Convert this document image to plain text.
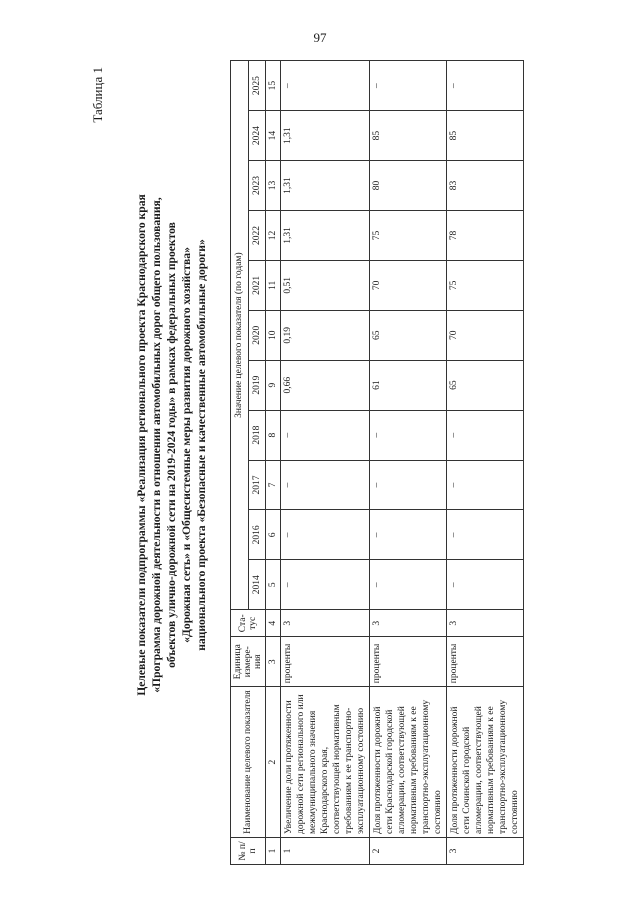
97
Таблица 1
Целевые показатели подпрограммы «Реализация регионального проекта Краснодарского края «Программа дорожной деятельности в отношении автомобильных дорог общего пользования, объектов улично-дорожной сети на 2019-2024 годы» в рамках федеральных проектов «Дорожная сеть» и «Общесистемные меры развития дорожного хозяйства» национального проекта «Безопасные и качественные автомобильные дороги»
№ п/п	Наименование целевого показателя	Единица измере-ния	Ста-тус	Значение целевого показателя (по годам)										
				2014	2016	2017	2018	2019	2020	2021	2022	2023	2024	2025
1	2	3	4	5	6	7	8	9	10	11	12	13	14	15
1	Увеличение доли протяженности дорожной сети регионального или межмуниципального значения Краснодарского края, соответствующей нормативным требованиям к ее транспортно-эксплуатационному состоянию	проценты	3	–	–	–	–	0,66	0,19	0,51	1,31	1,31	1,31	–
2	Доля протяженности дорожной сети Краснодарской городской агломерации, соответствующей нормативным требованиям к ее транспортно-эксплуатационному состоянию	проценты	3	–	–	–	–	61	65	70	75	80	85	–
3	Доля протяженности дорожной сети Сочинской городской агломерации, соответствующей нормативным требованиям к ее транспортно-эксплуатационному состоянию	проценты	3	–	–	–	–	65	70	75	78	83	85	–
